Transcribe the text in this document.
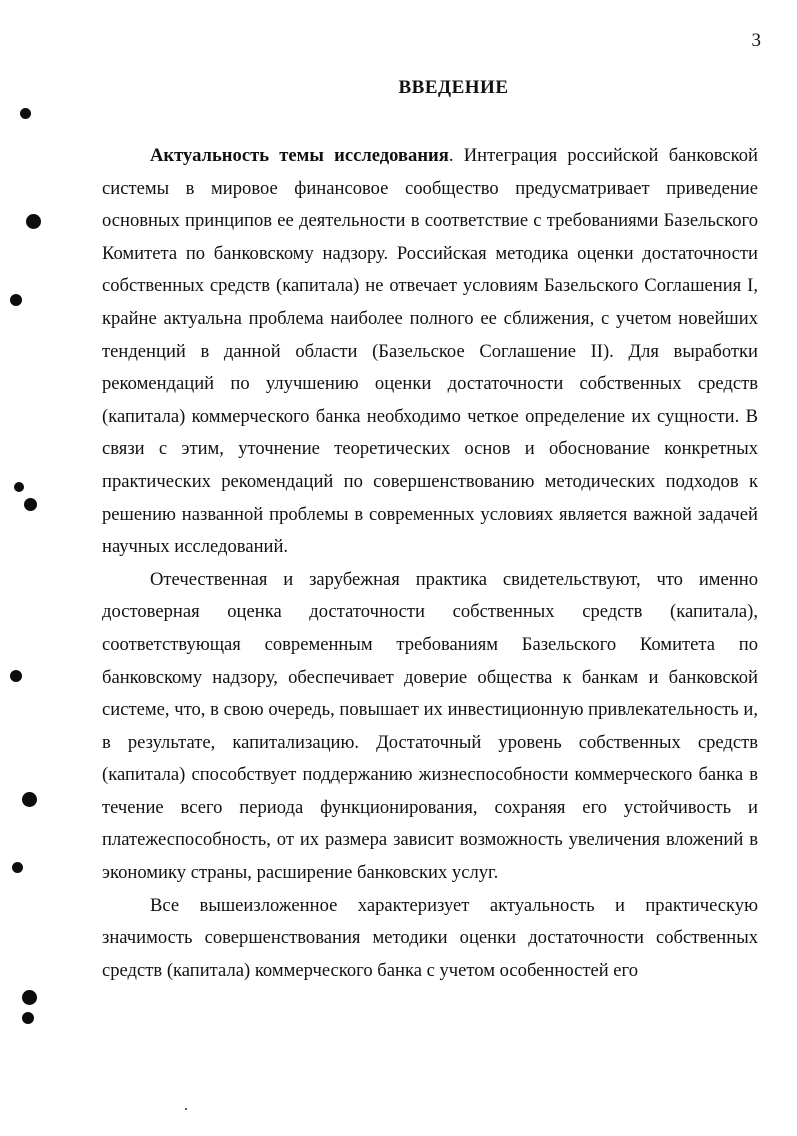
3
ВВЕДЕНИЕ

Актуальность темы исследования. Интеграция российской банковской системы в мировое финансовое сообщество предусматривает приведение основных принципов ее деятельности в соответствие с требованиями Базельского Комитета по банковскому надзору. Российская методика оценки достаточности собственных средств (капитала) не отвечает условиям Базельского Соглашения I, крайне актуальна проблема наиболее полного ее сближения, с учетом новейших тенденций в данной области (Базельское Соглашение II). Для выработки рекомендаций по улучшению оценки достаточности собственных средств (капитала) коммерческого банка необходимо четкое определение их сущности. В связи с этим, уточнение теоретических основ и обоснование конкретных практических рекомендаций по совершенствованию методических подходов к решению названной проблемы в современных условиях является важной задачей научных исследований.

Отечественная и зарубежная практика свидетельствуют, что именно достоверная оценка достаточности собственных средств (капитала), соответствующая современным требованиям Базельского Комитета по банковскому надзору, обеспечивает доверие общества к банкам и банковской системе, что, в свою очередь, повышает их инвестиционную привлекательность и, в результате, капитализацию. Достаточный уровень собственных средств (капитала) способствует поддержанию жизнеспособности коммерческого банка в течение всего периода функционирования, сохраняя его устойчивость и платежеспособность, от их размера зависит возможность увеличения вложений в экономику страны, расширение банковских услуг.

Все вышеизложенное характеризует актуальность и практическую значимость совершенствования методики оценки достаточности собственных средств (капитала) коммерческого банка с учетом особенностей его
